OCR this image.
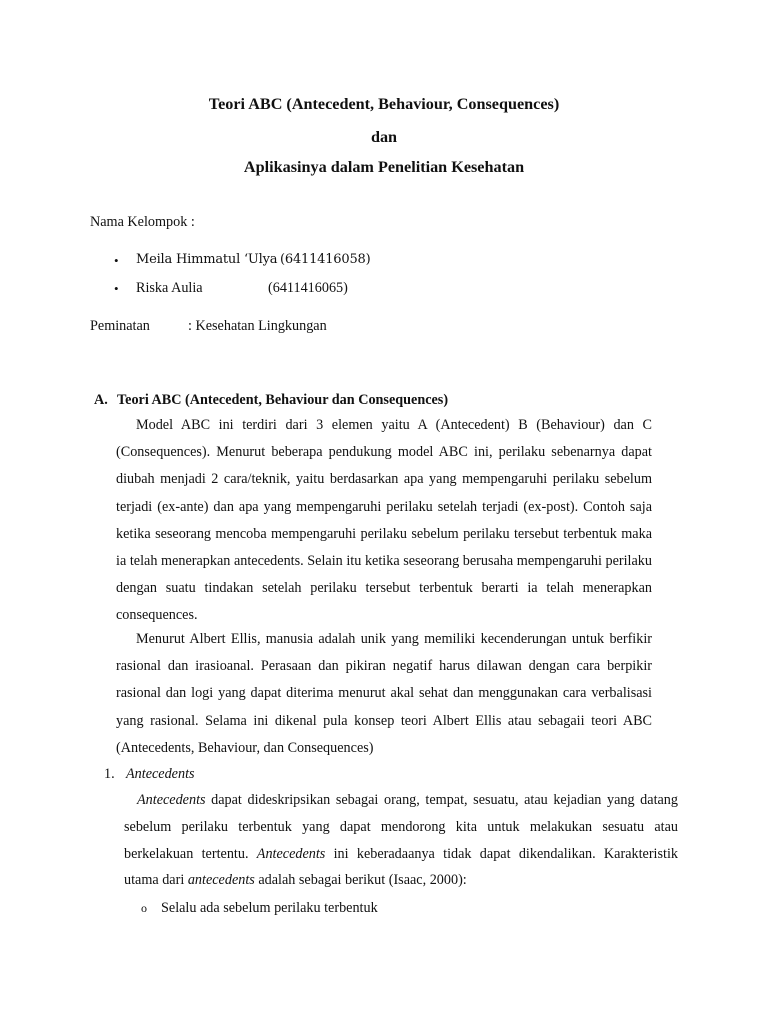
Teori ABC (Antecedent, Behaviour, Consequences)
dan
Aplikasinya dalam Penelitian Kesehatan
Nama Kelompok :
• Meila Himmatul ‘Ulya (6411416058)
• Riska Aulia	(6411416065)
Peminatan	: Kesehatan Lingkungan
A. Teori ABC (Antecedent, Behaviour dan Consequences)

Model ABC ini terdiri dari 3 elemen yaitu A (Antecedent) B (Behaviour) dan C (Consequences). Menurut beberapa pendukung model ABC ini, perilaku sebenarnya dapat diubah menjadi 2 cara/teknik, yaitu berdasarkan apa yang mempengaruhi perilaku sebelum terjadi (ex-ante) dan apa yang mempengaruhi perilaku setelah terjadi (ex-post). Contoh saja ketika seseorang mencoba mempengaruhi perilaku sebelum perilaku tersebut terbentuk maka ia telah menerapkan antecedents. Selain itu ketika seseorang berusaha mempengaruhi perilaku dengan suatu tindakan setelah perilaku tersebut terbentuk berarti ia telah menerapkan consequences.

Menurut Albert Ellis, manusia adalah unik yang memiliki kecenderungan untuk berfikir rasional dan irasioanal. Perasaan dan pikiran negatif harus dilawan dengan cara berpikir rasional dan logi yang dapat diterima menurut akal sehat dan menggunakan cara verbalisasi yang rasional. Selama ini dikenal pula konsep teori Albert Ellis atau sebagaii teori ABC (Antecedents, Behaviour, dan Consequences)

1. Antecedents

Antecedents dapat dideskripsikan sebagai orang, tempat, sesuatu, atau kejadian yang datang sebelum perilaku terbentuk yang dapat mendorong kita untuk melakukan sesuatu atau berkelakuan tertentu. Antecedents ini keberadaanya tidak dapat dikendalikan. Karakteristik utama dari antecedents adalah sebagai berikut (Isaac, 2000):

o Selalu ada sebelum perilaku terbentuk
